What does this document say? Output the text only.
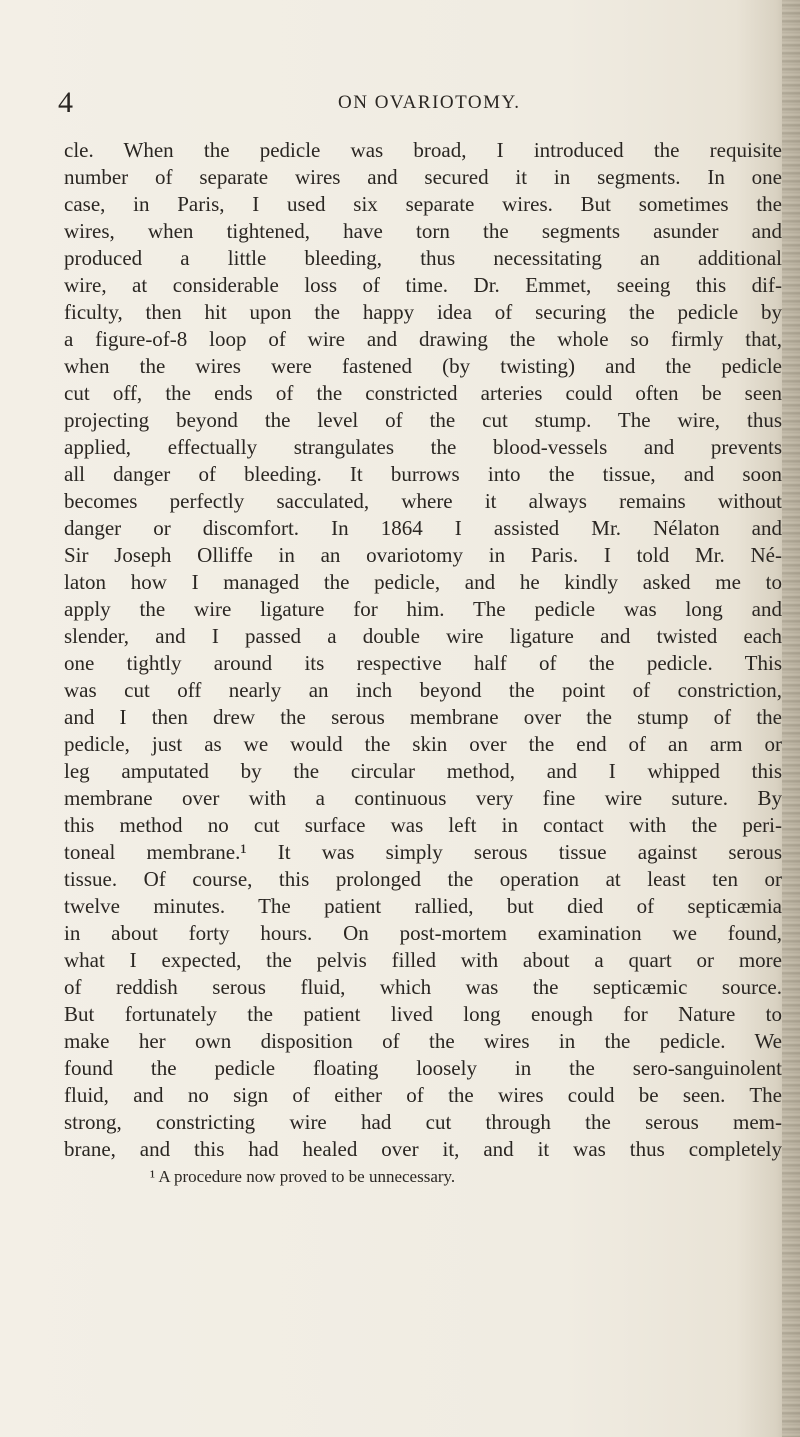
4	ON OVARIOTOMY.
cle. When the pedicle was broad, I introduced the requisite
number of separate wires and secured it in segments. In one
case, in Paris, I used six separate wires. But sometimes the
wires, when tightened, have torn the segments asunder and
produced a little bleeding, thus necessitating an additional
wire, at considerable loss of time. Dr. Emmet, seeing this dif-
ficulty, then hit upon the happy idea of securing the pedicle by
a figure-of-8 loop of wire and drawing the whole so firmly that,
when the wires were fastened (by twisting) and the pedicle
cut off, the ends of the constricted arteries could often be seen
projecting beyond the level of the cut stump. The wire, thus
applied, effectually strangulates the blood-vessels and prevents
all danger of bleeding. It burrows into the tissue, and soon
becomes perfectly sacculated, where it always remains without
danger or discomfort. In 1864 I assisted Mr. Nélaton and
Sir Joseph Olliffe in an ovariotomy in Paris. I told Mr. Né-
laton how I managed the pedicle, and he kindly asked me to
apply the wire ligature for him. The pedicle was long and
slender, and I passed a double wire ligature and twisted each
one tightly around its respective half of the pedicle. This
was cut off nearly an inch beyond the point of constriction,
and I then drew the serous membrane over the stump of the
pedicle, just as we would the skin over the end of an arm or
leg amputated by the circular method, and I whipped this
membrane over with a continuous very fine wire suture. By
this method no cut surface was left in contact with the peri-
toneal membrane.¹ It was simply serous tissue against serous
tissue. Of course, this prolonged the operation at least ten or
twelve minutes. The patient rallied, but died of septicæmia
in about forty hours. On post-mortem examination we found,
what I expected, the pelvis filled with about a quart or more
of reddish serous fluid, which was the septicæmic source.
But fortunately the patient lived long enough for Nature to
make her own disposition of the wires in the pedicle. We
found the pedicle floating loosely in the sero-sanguinolent
fluid, and no sign of either of the wires could be seen. The
strong, constricting wire had cut through the serous mem-
brane, and this had healed over it, and it was thus completely
¹ A procedure now proved to be unnecessary.
